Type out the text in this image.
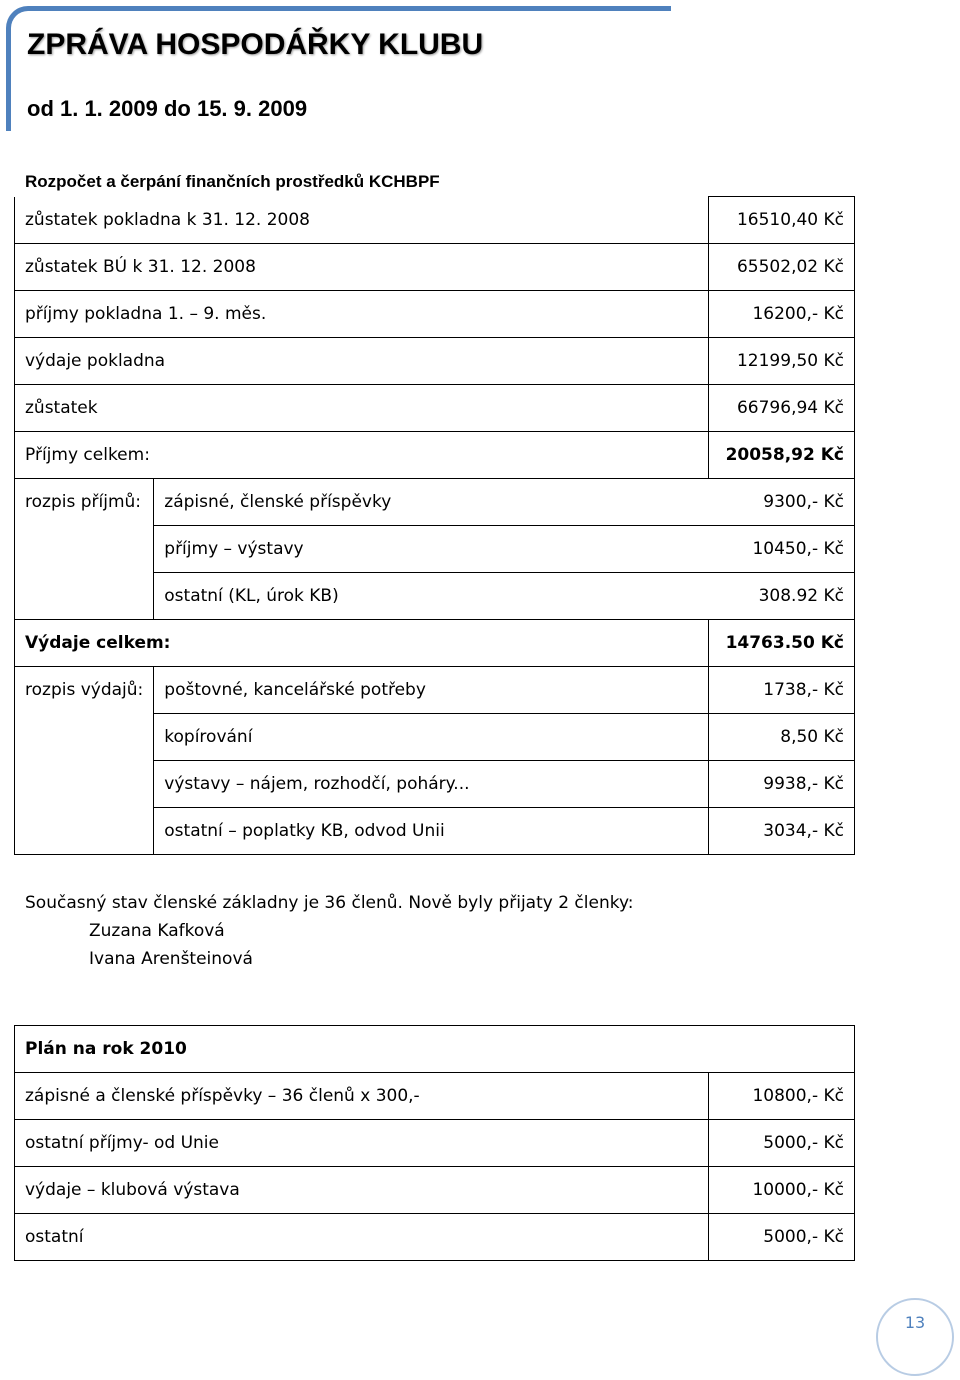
ZPRÁVA HOSPODÁŘKY KLUBU
od 1. 1. 2009 do 15. 9. 2009
Rozpočet a čerpání finančních prostředků KCHBPF
zůstatek pokladna k 31. 12. 2008		16510,40 Kč
zůstatek BÚ k 31. 12. 2008		65502,02 Kč
příjmy pokladna 1. – 9. měs.		16200,- Kč
výdaje pokladna		12199,50 Kč
zůstatek		66796,94 Kč
Příjmy celkem:		20058,92 Kč
rozpis příjmů:	zápisné, členské příspěvky	9300,- Kč
	příjmy – výstavy	10450,- Kč
	ostatní (KL, úrok KB)	308.92 Kč
Výdaje celkem:		14763.50 Kč
rozpis výdajů:	poštovné, kancelářské potřeby	1738,- Kč
	kopírování	8,50 Kč
	výstavy – nájem, rozhodčí, poháry...	9938,- Kč
	ostatní – poplatky KB, odvod Unii	3034,- Kč
Současný stav členské základny je 36 členů. Nově byly přijaty 2 členky:
Zuzana Kafková
Ivana Arenšteinová
Plán na rok 2010	
zápisné a členské příspěvky – 36 členů x 300,-	10800,- Kč
ostatní příjmy- od Unie	5000,- Kč
výdaje – klubová výstava	10000,- Kč
ostatní	5000,- Kč
13
